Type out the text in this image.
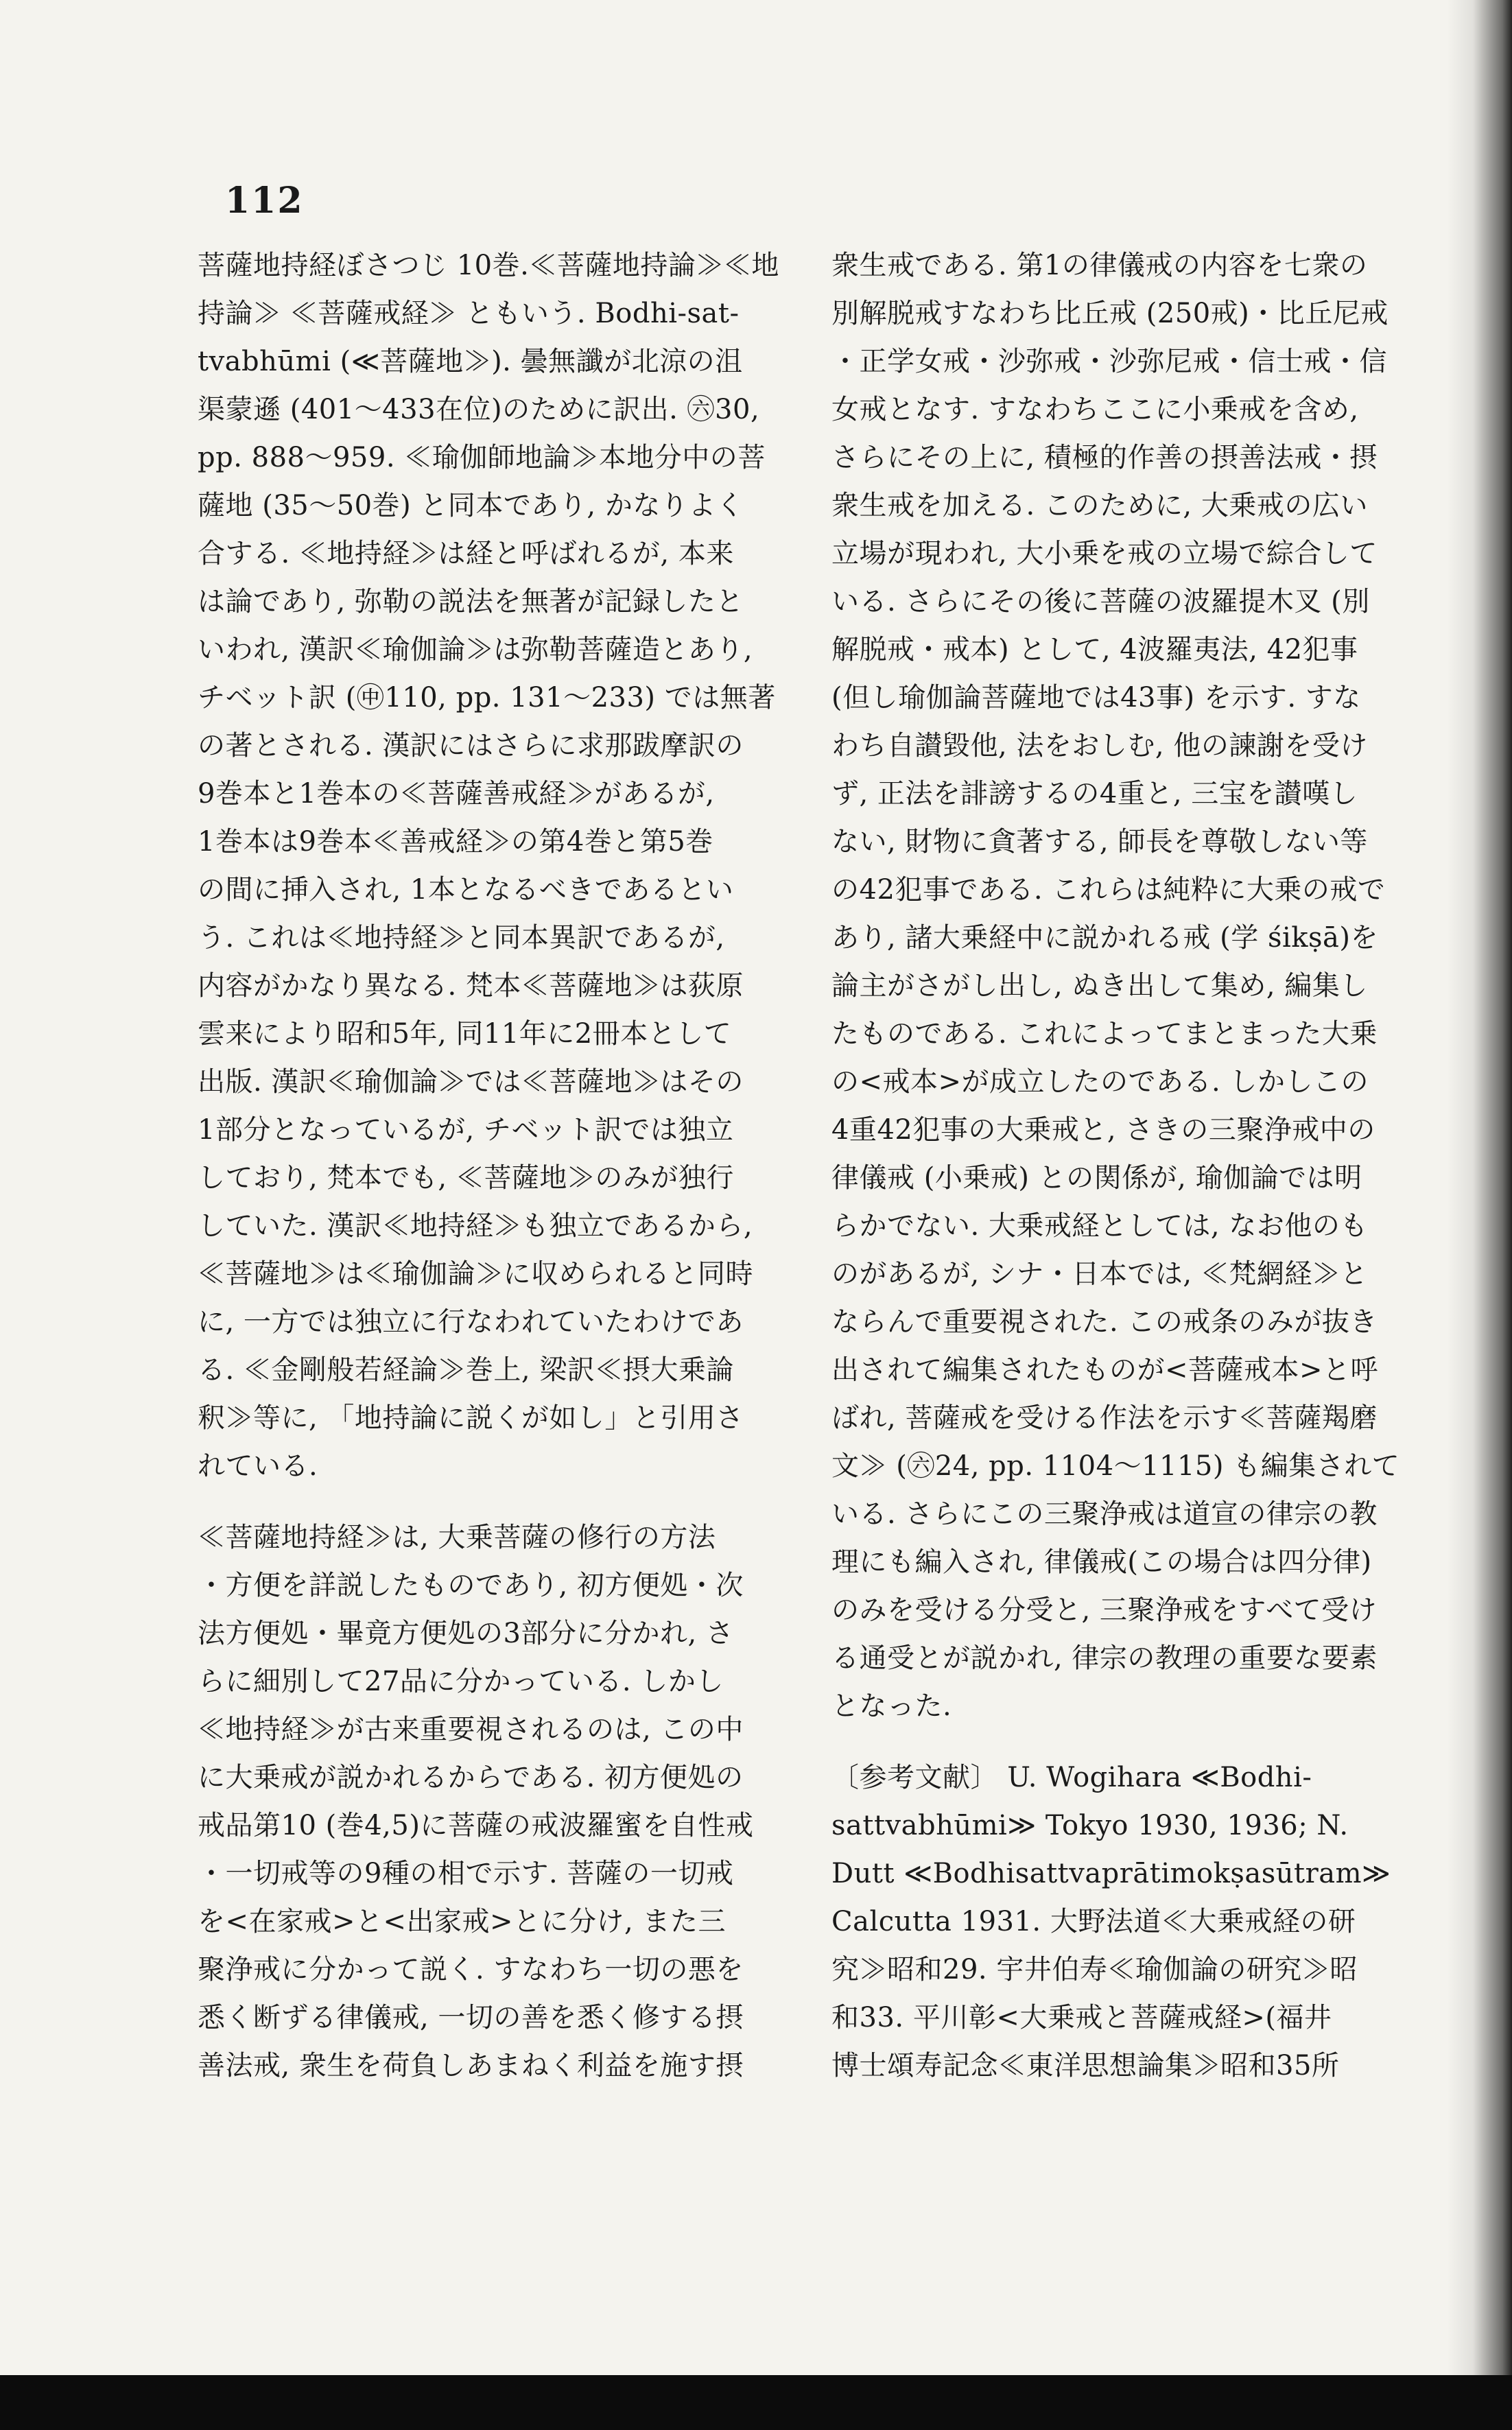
112
菩薩地持経ぼさつじ 10巻.≪菩薩地持論≫≪地
持論≫ ≪菩薩戒経≫ ともいう. Bodhi-sat-
tvabhūmi (≪菩薩地≫). 曇無讖が北涼の沮
渠蒙遜 (401～433在位)のために訳出. ㊅30,
pp. 888～959. ≪瑜伽師地論≫本地分中の菩
薩地 (35～50巻) と同本であり, かなりよく
合する. ≪地持経≫は経と呼ばれるが, 本来
は論であり, 弥勒の説法を無著が記録したと
いわれ, 漢訳≪瑜伽論≫は弥勒菩薩造とあり,
チベット訳 (㊥110, pp. 131～233) では無著
の著とされる. 漢訳にはさらに求那跋摩訳の
9巻本と1巻本の≪菩薩善戒経≫があるが,
1巻本は9巻本≪善戒経≫の第4巻と第5巻
の間に挿入され, 1本となるべきであるとい
う. これは≪地持経≫と同本異訳であるが,
内容がかなり異なる. 梵本≪菩薩地≫は荻原
雲来により昭和5年, 同11年に2冊本として
出版. 漢訳≪瑜伽論≫では≪菩薩地≫はその
1部分となっているが, チベット訳では独立
しており, 梵本でも, ≪菩薩地≫のみが独行
していた. 漢訳≪地持経≫も独立であるから,
≪菩薩地≫は≪瑜伽論≫に収められると同時
に, 一方では独立に行なわれていたわけであ
る. ≪金剛般若経論≫巻上, 梁訳≪摂大乗論
釈≫等に, 「地持論に説くが如し」と引用さ
れている.
≪菩薩地持経≫は, 大乗菩薩の修行の方法
・方便を詳説したものであり, 初方便処・次
法方便処・畢竟方便処の3部分に分かれ, さ
らに細別して27品に分かっている. しかし
≪地持経≫が古来重要視されるのは, この中
に大乗戒が説かれるからである. 初方便処の
戒品第10 (巻4,5)に菩薩の戒波羅蜜を自性戒
・一切戒等の9種の相で示す. 菩薩の一切戒
を<在家戒>と<出家戒>とに分け, また三
聚浄戒に分かって説く. すなわち一切の悪を
悉く断ずる律儀戒, 一切の善を悉く修する摂
善法戒, 衆生を荷負しあまねく利益を施す摂
衆生戒である. 第1の律儀戒の内容を七衆の
別解脱戒すなわち比丘戒 (250戒)・比丘尼戒
・正学女戒・沙弥戒・沙弥尼戒・信士戒・信
女戒となす. すなわちここに小乗戒を含め,
さらにその上に, 積極的作善の摂善法戒・摂
衆生戒を加える. このために, 大乗戒の広い
立場が現われ, 大小乗を戒の立場で綜合して
いる. さらにその後に菩薩の波羅提木叉 (別
解脱戒・戒本) として, 4波羅夷法, 42犯事
(但し瑜伽論菩薩地では43事) を示す. すな
わち自讃毀他, 法をおしむ, 他の諫謝を受け
ず, 正法を誹謗するの4重と, 三宝を讃嘆し
ない, 財物に貪著する, 師長を尊敬しない等
の42犯事である. これらは純粋に大乗の戒で
あり, 諸大乗経中に説かれる戒 (学 śikṣā)を
論主がさがし出し, ぬき出して集め, 編集し
たものである. これによってまとまった大乗
の<戒本>が成立したのである. しかしこの
4重42犯事の大乗戒と, さきの三聚浄戒中の
律儀戒 (小乗戒) との関係が, 瑜伽論では明
らかでない. 大乗戒経としては, なお他のも
のがあるが, シナ・日本では, ≪梵網経≫と
ならんで重要視された. この戒条のみが抜き
出されて編集されたものが<菩薩戒本>と呼
ばれ, 菩薩戒を受ける作法を示す≪菩薩羯磨
文≫ (㊅24, pp. 1104～1115) も編集されて
いる. さらにこの三聚浄戒は道宣の律宗の教
理にも編入され, 律儀戒(この場合は四分律)
のみを受ける分受と, 三聚浄戒をすべて受け
る通受とが説かれ, 律宗の教理の重要な要素
となった.
〔参考文献〕 U. Wogihara ≪Bodhi-
sattvabhūmi≫ Tokyo 1930, 1936; N.
Dutt ≪Bodhisattvaprātimokṣasūtram≫
Calcutta 1931. 大野法道≪大乗戒経の研
究≫昭和29. 宇井伯寿≪瑜伽論の研究≫昭
和33. 平川彰<大乗戒と菩薩戒経>(福井
博士頌寿記念≪東洋思想論集≫昭和35所
